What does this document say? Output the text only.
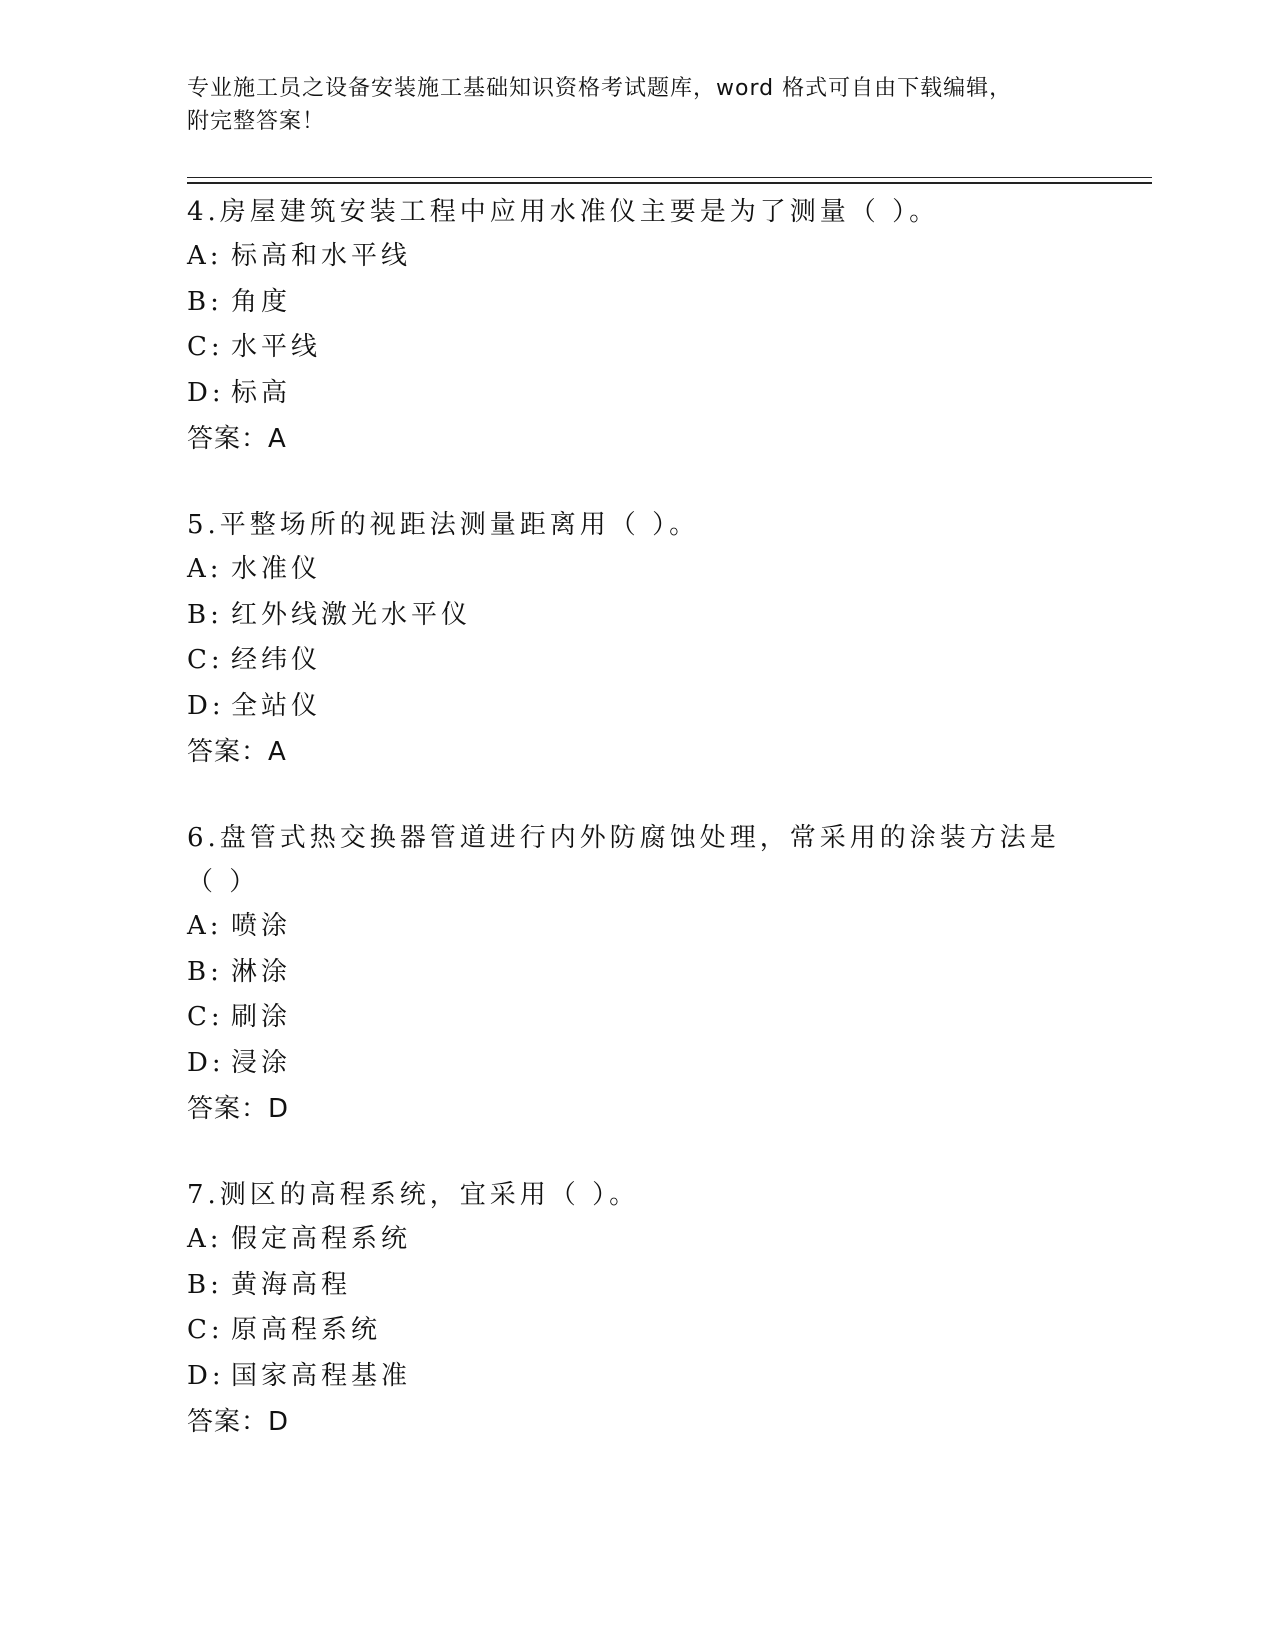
专业施工员之设备安装施工基础知识资格考试题库，word 格式可自由下载编辑，
附完整答案！

4.房屋建筑安装工程中应用水准仪主要是为了测量（ ）。

A: 标高和水平线

B: 角度

C: 水平线

D: 标高

答案：A

5.平整场所的视距法测量距离用（ ）。

A: 水准仪

B: 红外线激光水平仪

C: 经纬仪

D: 全站仪

答案：A

6.盘管式热交换器管道进行内外防腐蚀处理，常采用的涂装方法是（ ）

A: 喷涂

B: 淋涂

C: 刷涂

D: 浸涂

答案：D

7.测区的高程系统，宜采用（ ）。

A: 假定高程系统

B: 黄海高程

C: 原高程系统

D: 国家高程基准

答案：D
